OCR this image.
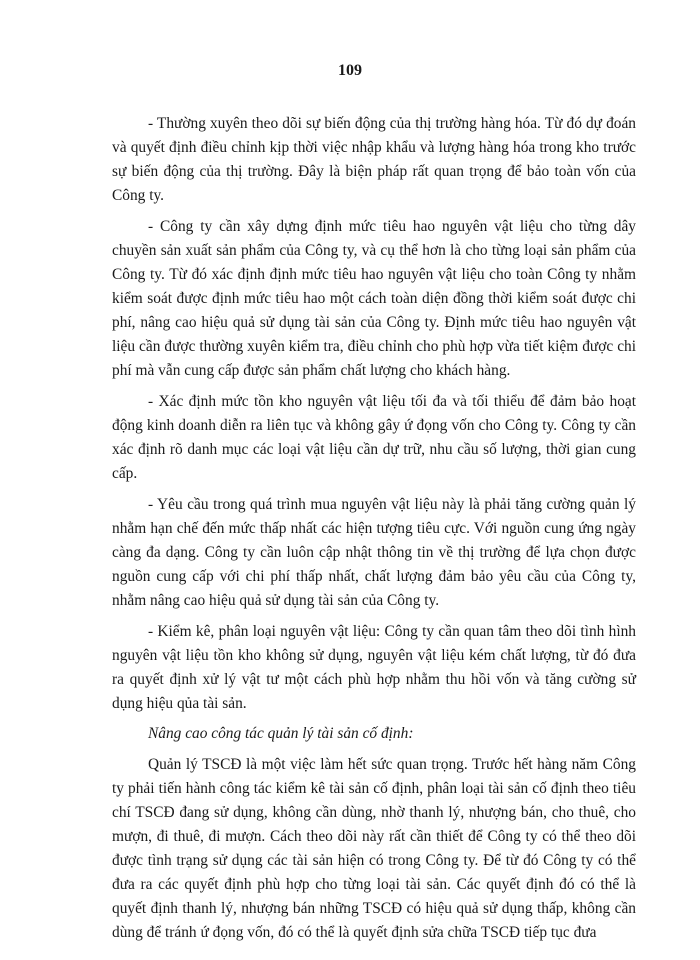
109

- Thường xuyên theo dõi sự biến động của thị trường hàng hóa. Từ đó dự đoán và quyết định điều chỉnh kịp thời việc nhập khẩu và lượng hàng hóa trong kho trước sự biến động của thị trường. Đây là biện pháp rất quan trọng để bảo toàn vốn của Công ty.

- Công ty cần xây dựng định mức tiêu hao nguyên vật liệu cho từng dây chuyền sản xuất sản phẩm của Công ty, và cụ thể hơn là cho từng loại sản phẩm của Công ty. Từ đó xác định định mức tiêu hao nguyên vật liệu cho toàn Công ty nhằm kiểm soát được định mức tiêu hao một cách toàn diện đồng thời kiểm soát được chi phí, nâng cao hiệu quả sử dụng tài sản của Công ty. Định mức tiêu hao nguyên vật liệu cần được thường xuyên kiểm tra, điều chỉnh cho phù hợp vừa tiết kiệm được chi phí mà vẫn cung cấp được sản phẩm chất lượng cho khách hàng.

- Xác định mức tồn kho nguyên vật liệu tối đa và tối thiểu để đảm bảo hoạt động kinh doanh diễn ra liên tục và không gây ứ đọng vốn cho Công ty. Công ty cần xác định rõ danh mục các loại vật liệu cần dự trữ, nhu cầu số lượng, thời gian cung cấp.

- Yêu cầu trong quá trình mua nguyên vật liệu này là phải tăng cường quản lý nhằm hạn chế đến mức thấp nhất các hiện tượng tiêu cực. Với nguồn cung ứng ngày càng đa dạng. Công ty cần luôn cập nhật thông tin về thị trường để lựa chọn được nguồn cung cấp với chi phí thấp nhất, chất lượng đảm bảo yêu cầu của Công ty, nhằm nâng cao hiệu quả sử dụng tài sản của Công ty.

- Kiểm kê, phân loại nguyên vật liệu: Công ty cần quan tâm theo dõi tình hình nguyên vật liệu tồn kho không sử dụng, nguyên vật liệu kém chất lượng, từ đó đưa ra quyết định xử lý vật tư một cách phù hợp nhằm thu hồi vốn và tăng cường sử dụng hiệu qủa tài sản.

Nâng cao công tác quản lý tài sản cố định:

Quản lý TSCĐ là một việc làm hết sức quan trọng. Trước hết hàng năm Công ty phải tiến hành công tác kiểm kê tài sản cố định, phân loại tài sản cố định theo tiêu chí TSCĐ đang sử dụng, không cần dùng, nhờ thanh lý, nhượng bán, cho thuê, cho mượn, đi thuê, đi mượn. Cách theo dõi này rất cần thiết để Công ty có thể theo dõi được tình trạng sử dụng các tài sản hiện có trong Công ty. Để từ đó Công ty có thể đưa ra các quyết định phù hợp cho từng loại tài sản. Các quyết định đó có thể là quyết định thanh lý, nhượng bán những TSCĐ có hiệu quả sử dụng thấp, không cần dùng để tránh ứ đọng vốn, đó có thể là quyết định sửa chữa TSCĐ tiếp tục đưa
